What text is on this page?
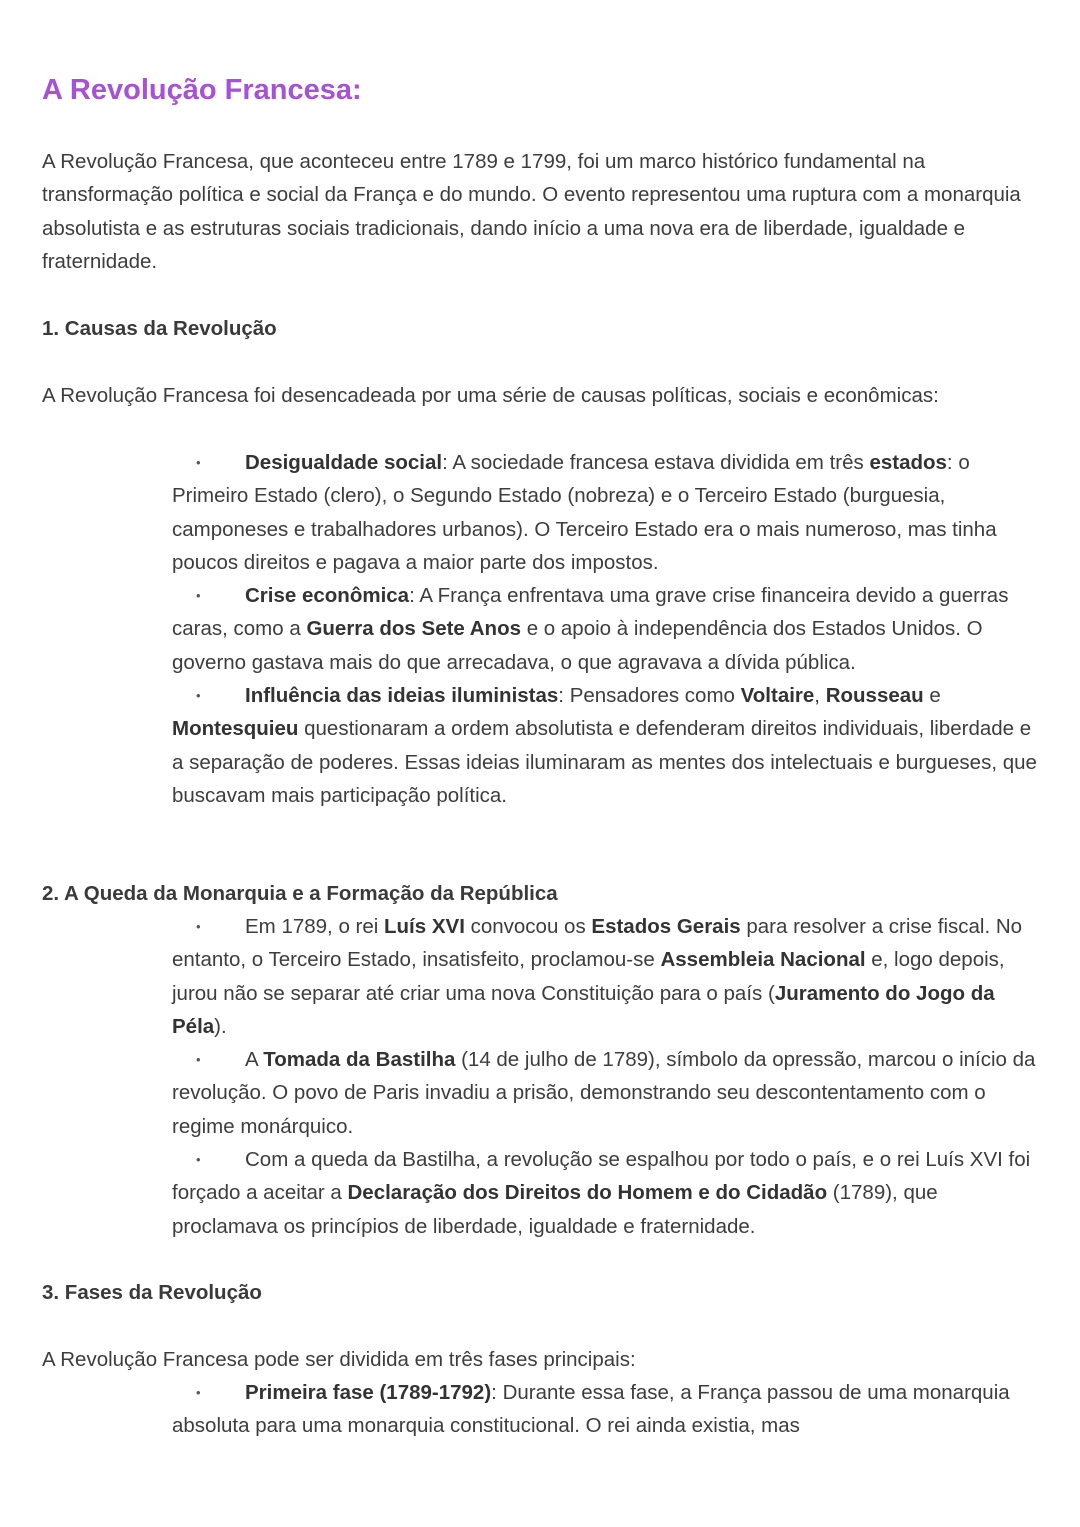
A Revolução Francesa:

A Revolução Francesa, que aconteceu entre 1789 e 1799, foi um marco histórico fundamental na transformação política e social da França e do mundo. O evento representou uma ruptura com a monarquia absolutista e as estruturas sociais tradicionais, dando início a uma nova era de liberdade, igualdade e fraternidade.

1. Causas da Revolução

A Revolução Francesa foi desencadeada por uma série de causas políticas, sociais e econômicas:

• Desigualdade social: A sociedade francesa estava dividida em três estados: o Primeiro Estado (clero), o Segundo Estado (nobreza) e o Terceiro Estado (burguesia, camponeses e trabalhadores urbanos). O Terceiro Estado era o mais numeroso, mas tinha poucos direitos e pagava a maior parte dos impostos.
• Crise econômica: A França enfrentava uma grave crise financeira devido a guerras caras, como a Guerra dos Sete Anos e o apoio à independência dos Estados Unidos. O governo gastava mais do que arrecadava, o que agravava a dívida pública.
• Influência das ideias iluministas: Pensadores como Voltaire, Rousseau e Montesquieu questionaram a ordem absolutista e defenderam direitos individuais, liberdade e a separação de poderes. Essas ideias iluminaram as mentes dos intelectuais e burgueses, que buscavam mais participação política.
2. A Queda da Monarquia e a Formação da República
• Em 1789, o rei Luís XVI convocou os Estados Gerais para resolver a crise fiscal. No entanto, o Terceiro Estado, insatisfeito, proclamou-se Assembleia Nacional e, logo depois, jurou não se separar até criar uma nova Constituição para o país (Juramento do Jogo da Péla).
• A Tomada da Bastilha (14 de julho de 1789), símbolo da opressão, marcou o início da revolução. O povo de Paris invadiu a prisão, demonstrando seu descontentamento com o regime monárquico.
• Com a queda da Bastilha, a revolução se espalhou por todo o país, e o rei Luís XVI foi forçado a aceitar a Declaração dos Direitos do Homem e do Cidadão (1789), que proclamava os princípios de liberdade, igualdade e fraternidade.
3. Fases da Revolução

A Revolução Francesa pode ser dividida em três fases principais:

• Primeira fase (1789-1792): Durante essa fase, a França passou de uma monarquia absoluta para uma monarquia constitucional. O rei ainda existia, mas
